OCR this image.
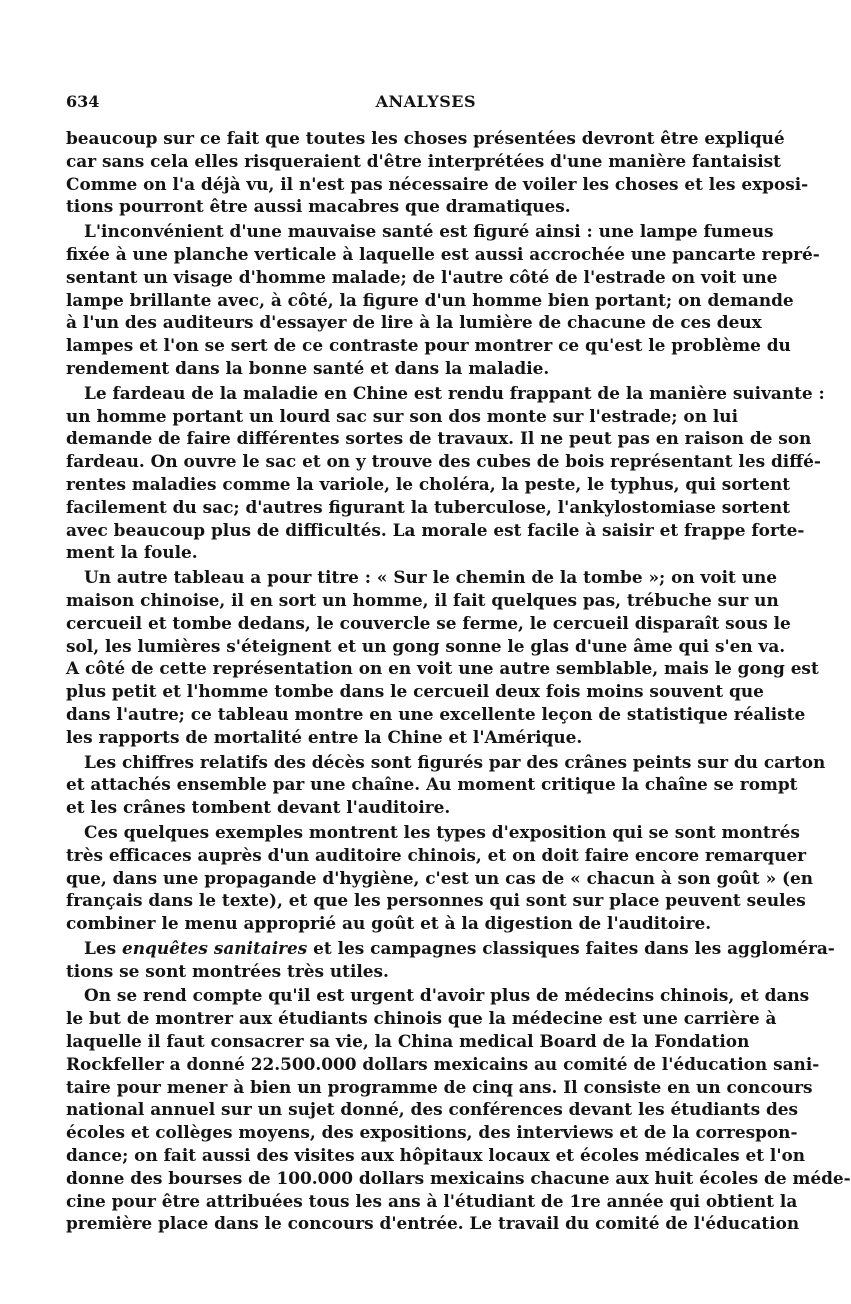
634	ANALYSES
beaucoup sur ce fait que toutes les choses présentées devront être expliqué
car sans cela elles risqueraient d'être interprétées d'une manière fantaisist
Comme on l'a déjà vu, il n'est pas nécessaire de voiler les choses et les exposi-
tions pourront être aussi macabres que dramatiques.
L'inconvénient d'une mauvaise santé est figuré ainsi : une lampe fumeus
fixée à une planche verticale à laquelle est aussi accrochée une pancarte repré-
sentant un visage d'homme malade; de l'autre côté de l'estrade on voit une
lampe brillante avec, à côté, la figure d'un homme bien portant; on demande
à l'un des auditeurs d'essayer de lire à la lumière de chacune de ces deux
lampes et l'on se sert de ce contraste pour montrer ce qu'est le problème du
rendement dans la bonne santé et dans la maladie.
Le fardeau de la maladie en Chine est rendu frappant de la manière suivante :
un homme portant un lourd sac sur son dos monte sur l'estrade; on lui
demande de faire différentes sortes de travaux. Il ne peut pas en raison de son
fardeau. On ouvre le sac et on y trouve des cubes de bois représentant les diffé-
rentes maladies comme la variole, le choléra, la peste, le typhus, qui sortent
facilement du sac; d'autres figurant la tuberculose, l'ankylostomiase sortent
avec beaucoup plus de difficultés. La morale est facile à saisir et frappe forte-
ment la foule.
Un autre tableau a pour titre : « Sur le chemin de la tombe »; on voit une
maison chinoise, il en sort un homme, il fait quelques pas, trébuche sur un
cercueil et tombe dedans, le couvercle se ferme, le cercueil disparaît sous le
sol, les lumières s'éteignent et un gong sonne le glas d'une âme qui s'en va.
A côté de cette représentation on en voit une autre semblable, mais le gong est
plus petit et l'homme tombe dans le cercueil deux fois moins souvent que
dans l'autre; ce tableau montre en une excellente leçon de statistique réaliste
les rapports de mortalité entre la Chine et l'Amérique.
Les chiffres relatifs des décès sont figurés par des crânes peints sur du carton
et attachés ensemble par une chaîne. Au moment critique la chaîne se rompt
et les crânes tombent devant l'auditoire.
Ces quelques exemples montrent les types d'exposition qui se sont montrés
très efficaces auprès d'un auditoire chinois, et on doit faire encore remarquer
que, dans une propagande d'hygiène, c'est un cas de « chacun à son goût » (en
français dans le texte), et que les personnes qui sont sur place peuvent seules
combiner le menu approprié au goût et à la digestion de l'auditoire.
Les enquêtes sanitaires et les campagnes classiques faites dans les aggloméra-
tions se sont montrées très utiles.
On se rend compte qu'il est urgent d'avoir plus de médecins chinois, et dans
le but de montrer aux étudiants chinois que la médecine est une carrière à
laquelle il faut consacrer sa vie, la China medical Board de la Fondation
Rockfeller a donné 22.500.000 dollars mexicains au comité de l'éducation sani-
taire pour mener à bien un programme de cinq ans. Il consiste en un concours
national annuel sur un sujet donné, des conférences devant les étudiants des
écoles et collèges moyens, des expositions, des interviews et de la correspon-
dance; on fait aussi des visites aux hôpitaux locaux et écoles médicales et l'on
donne des bourses de 100.000 dollars mexicains chacune aux huit écoles de méde-
cine pour être attribuées tous les ans à l'étudiant de 1re année qui obtient la
première place dans le concours d'entrée. Le travail du comité de l'éducation
